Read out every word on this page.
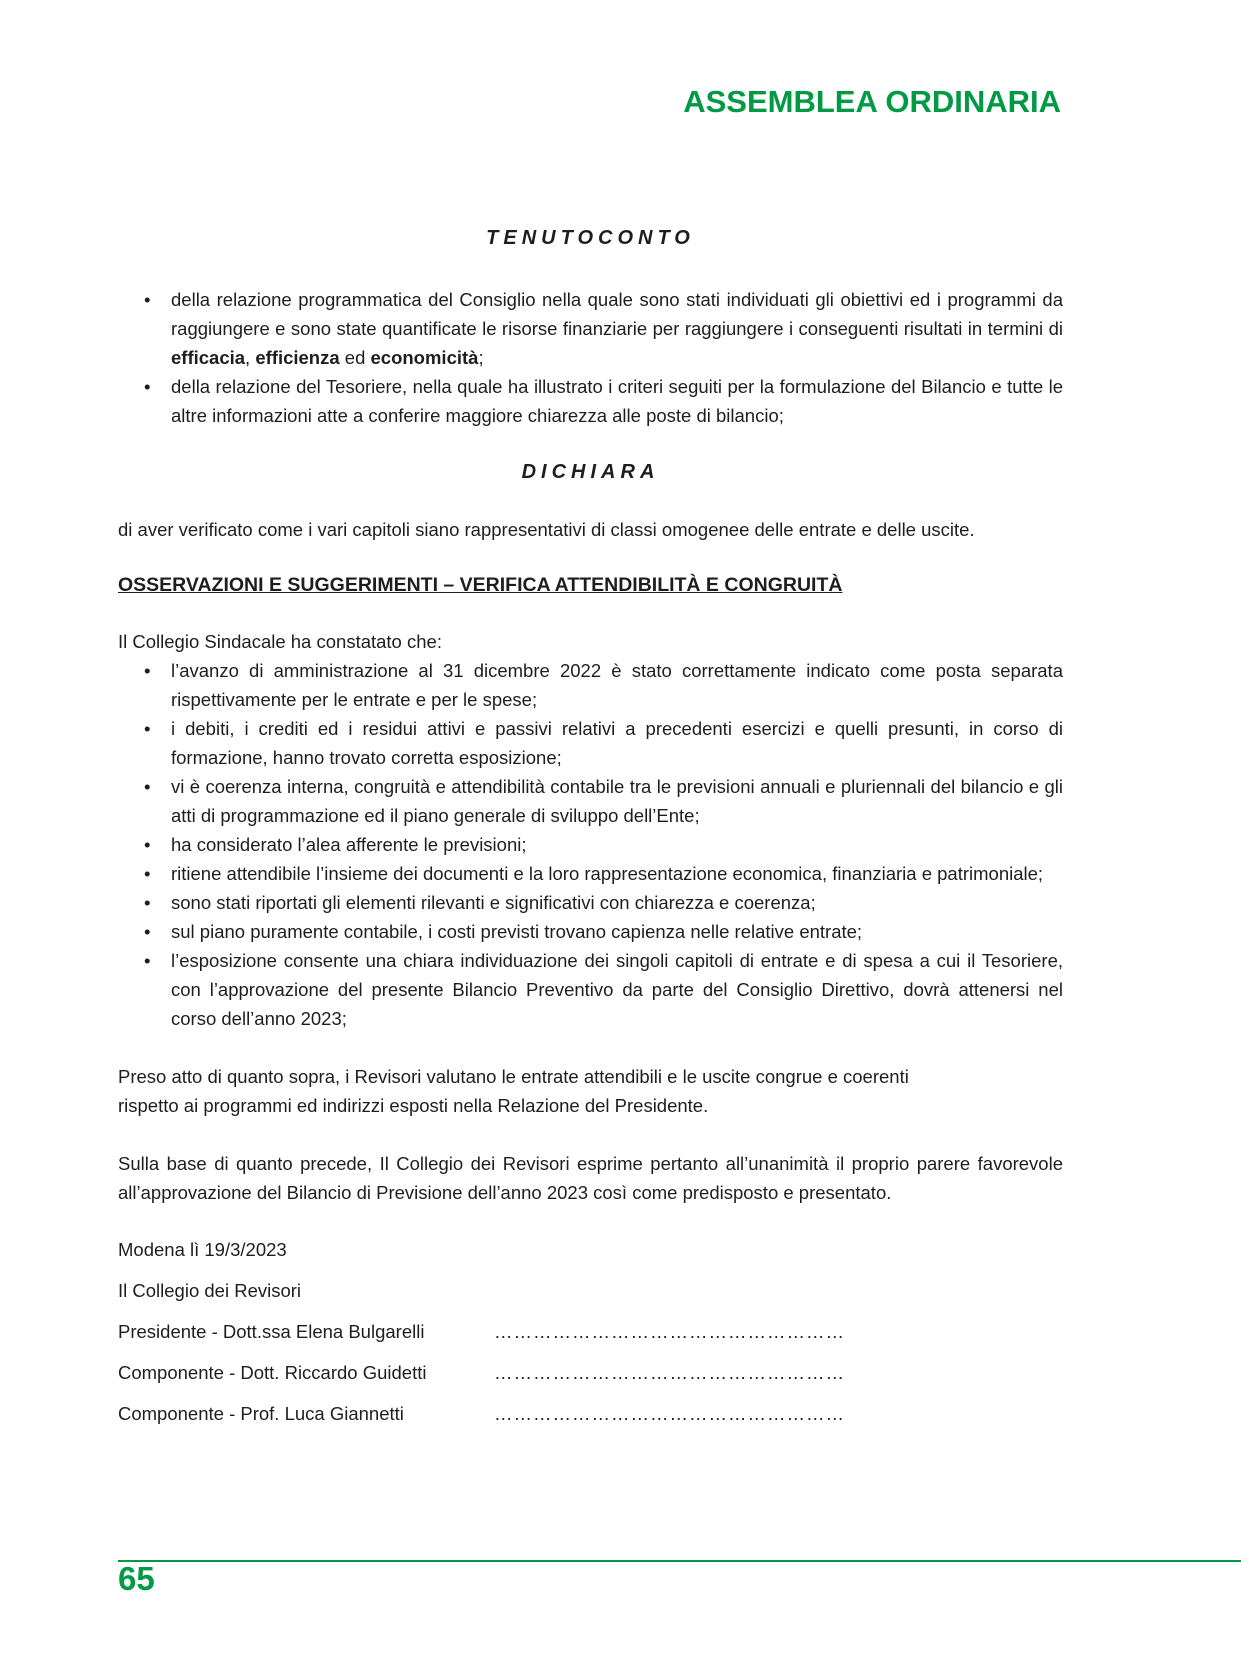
ASSEMBLEA ORDINARIA

TENUTOCONTO

• della relazione programmatica del Consiglio nella quale sono stati individuati gli obiettivi ed i programmi da raggiungere e sono state quantificate le risorse finanziarie per raggiungere i conseguenti risultati in termini di efficacia, efficienza ed economicità;
• della relazione del Tesoriere, nella quale ha illustrato i criteri seguiti per la formulazione del Bilancio e tutte le altre informazioni atte a conferire maggiore chiarezza alle poste di bilancio;

DICHIARA

di aver verificato come i vari capitoli siano rappresentativi di classi omogenee delle entrate e delle uscite.

OSSERVAZIONI E SUGGERIMENTI – VERIFICA ATTENDIBILITÀ E CONGRUITÀ

Il Collegio Sindacale ha constatato che:

• l’avanzo di amministrazione al 31 dicembre 2022 è stato correttamente indicato come posta separata rispettivamente per le entrate e per le spese;
• i debiti, i crediti ed i residui attivi e passivi relativi a precedenti esercizi e quelli presunti, in corso di formazione, hanno trovato corretta esposizione;
• vi è coerenza interna, congruità e attendibilità contabile tra le previsioni annuali e pluriennali del bilancio e gli atti di programmazione ed il piano generale di sviluppo dell’Ente;
• ha considerato l’alea afferente le previsioni;
• ritiene attendibile l’insieme dei documenti e la loro rappresentazione economica, finanziaria e patrimoniale;
• sono stati riportati gli elementi rilevanti e significativi con chiarezza e coerenza;
• sul piano puramente contabile, i costi previsti trovano capienza nelle relative entrate;
• l’esposizione consente una chiara individuazione dei singoli capitoli di entrate e di spesa a cui il Tesoriere, con l’approvazione del presente Bilancio Preventivo da parte del Consiglio Direttivo, dovrà attenersi nel corso dell’anno 2023;

Preso atto di quanto sopra, i Revisori valutano le entrate attendibili e le uscite congrue e coerenti
rispetto ai programmi ed indirizzi esposti nella Relazione del Presidente.

Sulla base di quanto precede, Il Collegio dei Revisori esprime pertanto all’unanimità il proprio parere favorevole all’approvazione del Bilancio di Previsione dell’anno 2023 così come predisposto e presentato.

Modena lì 19/3/2023

Il Collegio dei Revisori

Presidente - Dott.ssa Elena Bulgarelli	………………………………………………
Componente - Dott. Riccardo Guidetti	………………………………………………
Componente - Prof. Luca Giannetti	………………………………………………
65
